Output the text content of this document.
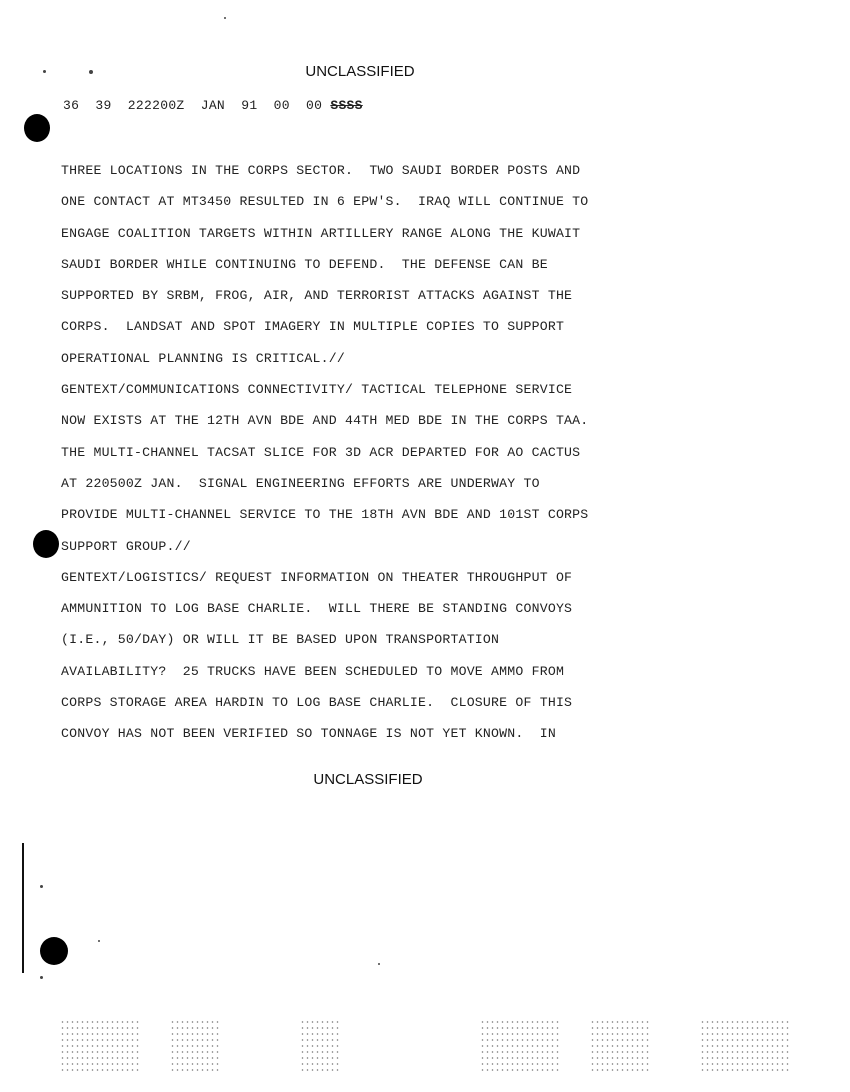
UNCLASSIFIED
36  39  222200Z  JAN  91  00  00 SSSS
THREE LOCATIONS IN THE CORPS SECTOR.  TWO SAUDI BORDER POSTS AND
ONE CONTACT AT MT3450 RESULTED IN 6 EPW'S.  IRAQ WILL CONTINUE TO
ENGAGE COALITION TARGETS WITHIN ARTILLERY RANGE ALONG THE KUWAIT
SAUDI BORDER WHILE CONTINUING TO DEFEND.  THE DEFENSE CAN BE
SUPPORTED BY SRBM, FROG, AIR, AND TERRORIST ATTACKS AGAINST THE
CORPS.  LANDSAT AND SPOT IMAGERY IN MULTIPLE COPIES TO SUPPORT
OPERATIONAL PLANNING IS CRITICAL.//
GENTEXT/COMMUNICATIONS CONNECTIVITY/ TACTICAL TELEPHONE SERVICE
NOW EXISTS AT THE 12TH AVN BDE AND 44TH MED BDE IN THE CORPS TAA.
THE MULTI-CHANNEL TACSAT SLICE FOR 3D ACR DEPARTED FOR AO CACTUS
AT 220500Z JAN.  SIGNAL ENGINEERING EFFORTS ARE UNDERWAY TO
PROVIDE MULTI-CHANNEL SERVICE TO THE 18TH AVN BDE AND 101ST CORPS
SUPPORT GROUP.//
GENTEXT/LOGISTICS/ REQUEST INFORMATION ON THEATER THROUGHPUT OF
AMMUNITION TO LOG BASE CHARLIE.  WILL THERE BE STANDING CONVOYS
(I.E., 50/DAY) OR WILL IT BE BASED UPON TRANSPORTATION
AVAILABILITY?  25 TRUCKS HAVE BEEN SCHEDULED TO MOVE AMMO FROM
CORPS STORAGE AREA HARDIN TO LOG BASE CHARLIE.  CLOSURE OF THIS
CONVOY HAS NOT BEEN VERIFIED SO TONNAGE IS NOT YET KNOWN.  IN
UNCLASSIFIED
